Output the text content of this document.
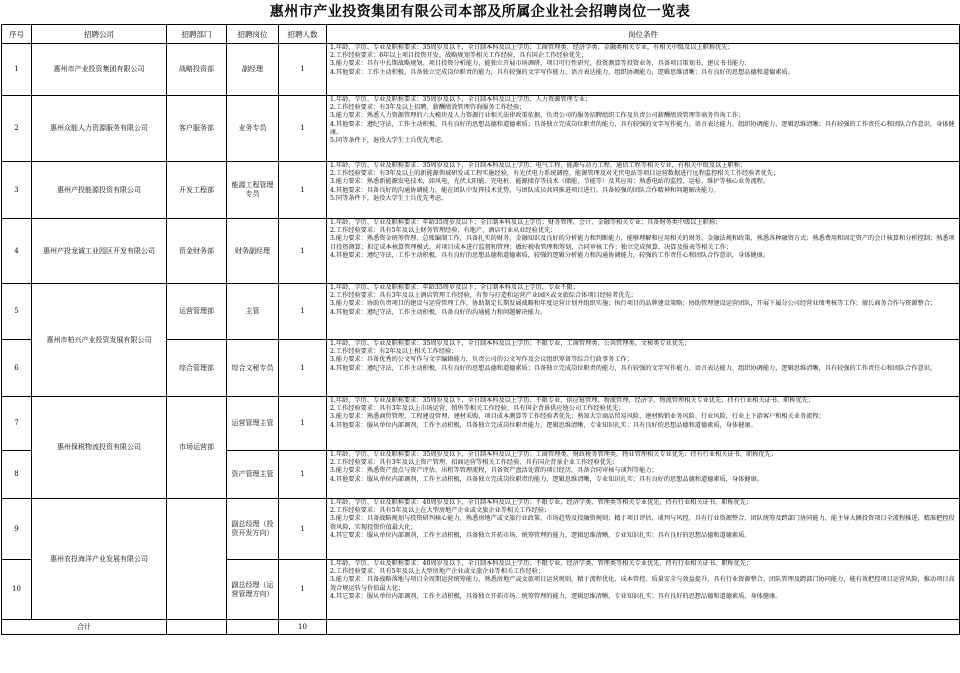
惠州市产业投资集团有限公司本部及所属企业社会招聘岗位一览表
序号	招聘公司	招聘部门	招聘岗位	招聘人数	岗位条件
1	惠州市产业投资集团有限公司	战略投资部	副经理	1	1.年龄、学历、专业及职称要求：35周岁及以下，全日制本科及以上学历；工商管理类、经济学类、金融类相关专业，有相关中级及以上职称优先；
2.工作经验要求：6年以上项目投资开发、战略规划等相关工作经验，具有国企工作经验优先；
3.能力要求：具有中长期战略规划、项目投资分析能力，能独立开展市场调研、项目可行性研究、投资测算等投资业务，具备项目策划书、建议书书能力；
4.其他要求：工作主动积极，具备独立完成岗位职责的能力，具有较强的文字写作能力、语言表达能力、组织协调能力，逻辑思维清晰；具有良好的思想品德和道德素质。

2	惠州众能人力资源服务有限公司	客户服务部	业务专员	1	1.年龄、学历、专业及职称要求：35周岁及以下，全日制本科及以上学历；人力资源管理专业；
2.工作经验要求：有3年及以上招聘、薪酬绩效管理咨询服务工作经验；
3.能力要求：熟悉人力资源管理的六大模块及人力资源行业相关法律政策依据，负责公司的服务招聘组织工作及负责公司薪酬绩效管理等商务咨询工作；
4.其他要求：遵纪守法，工作主动积极，具有良好的思想品德和道德素质；具备独立完成岗位职责的能力，具有较强的文字写作能力、语言表达能力、组织协调能力，逻辑思维清晰；具有较强的工作责任心和团队合作意识，身体健康。
5.同等条件下，退役大学生士兵优先考虑。

3	惠州产投能源投资有限公司	开发工程部	能源工程管理专员	1	1.年龄、学历、专业及职称要求：35周岁及以下，全日制本科及以上学历；电气工程、能源与动力工程、通信工程等相关专业，有相关中级及以上职称；
2.工作经验要求：有3年及以上的新能源领域研发或工程实施经验，有光伏电力系统调控、能源管理及对光伏电站等项目运营数据进行远程监控相关工作经验者优先；
3.能力要求：熟悉新能源发电技术，如风电、光伏太阳能、充电桩、能源储存等技术（储能、节能等）及其应用；熟悉电站的监控、运检、维护等核心业务流程。
4.其他要求：具备良好的沟通协调能力，能在团队中发挥技术优势，与团队成员共同推进项目进行。具备较强的团队合作精神和问题解决能力。
5.同等条件下，退役大学生士兵优先考虑。

4	惠州产投龙诚工业园区开发有限公司	资金财务部	财务副经理	1	1.年龄、学历、专业及职称要求：年龄35周岁及以下；全日制本科及以上学历；财务管理、会计、金融等相关专业；具备财务类中级以上职称；
2.工作经验要求：具有5年及以上财务管理经验，有地产、酒店行业从业经验优先；
3.能力要求：熟悉资金统筹管理、总账编制工作，具备扎实的财务、金融知识及良好的分析能力和判断能力，能够理解和应用相关的财务、金融法规和政策，熟悉各种融资方式；熟悉费用和固定资产的会计核算和分析控制；熟悉项目投资测算；拟定成本核算管理模式，对项目成本进行监督和管理；做好税收管理和筹划，合同审核工作；独立完成预算、决算及报表等相关工作；
4.其他要求：遵纪守法，工作主动积极，具有良好的思想品德和道德素质，较强的逻辑分析能力和沟通协调能力，较强的工作责任心和团队合作意识，身体健康。

5	惠州市柏兴产业投资发展有限公司	运营管理部	主管	1	1.年龄、学历、专业及职称要求：年龄35周岁及以下；全日制本科及以上学历，专业不限；
2.工作经验要求：具有3年及以上酒店管理工作经验，有参与打造和运营产业园区或文旅综合体项目经验者优先；
3.能力要求：协助负责项目的建设与运营管理工作，协助制定长期发展战略和年度运营计划并组织实施；执行项目的品牌建设策略；协助管理建设运营团队，开展下属分公司经营业绩考核等工作；擅长商务合作与资源整合；
4.其他要求：遵纪守法，工作主动积极，具备良好的沟通能力和问题解决能力。

6		综合管理部	综合文秘专员	1	1.年龄、学历、专业及职称要求：35周岁及以下，全日制本科及以上学历；不限专业，工商管理类、公共管理类、文秘类专业优先；
2.工作经验要求：有2年及以上相关工作经验；
3.能力要求：具备优秀的公文写作与文字编辑能力，负责公司的公文写作及会议组织筹备等综合行政事务工作；
4.其他要求：遵纪守法，工作主动积极，具有良好的思想品德和道德素质；具备独立完成岗位职责的能力，具有较强的文字写作能力、语言表达能力、组织协调能力，逻辑思维清晰，具有较强的工作责任心和团队合作意识。

7	惠州保税物流投资有限公司	市场运营部	运营管理主管	1	1.年龄、学历、专业及职称要求：35周岁及以下，全日制本科及以上学历；不限专业，供应链管理、物流管理、经济学、物流管理相关专业优先；持有行业相关证书、职称优先；
2.工作经验要求：具有3年及以上市场运营、销售等相关工作经验，具有国企背景供应链公司工作经验优先；
3.能力要求：熟悉商贸管理、工程建设管理、建材采购、项目成本测算等工作经验者优先；熟知大宗商品贸易风险、建材购销业务风险、行业风险，行业上下游客户和相关业务流程；
4.其他要求：服从单位内部调剂，工作主动积极，具备独立完成岗位职责能力，逻辑思维清晰，专业知识扎实；具有良好的思想品德和道德素质，身体健康。

8			资产管理主管	1	1.年龄、学历、专业及职称要求：35周岁及以下，全日制本科及以上学历；工商管理类、财政税务管理类、物业管理相关专业优先；持有行业相关证书、职称优先；
2.工作经验要求：具有3年及以上资产管理、招商运营等相关工作经验，具有国企背景企业工作经验优先；
3.能力要求：熟悉资产盘点与资产评估、出租等管理流程，具备资产盘活处置的项目经历，具备合同审核与谈判等能力；
4.其他要求：服从单位内部调剂，工作主动积极，具备独立完成岗位职责的能力，逻辑思维清晰，专业知识扎实；具有良好的思想品德和道德素质，身体健康。

9	惠州农投海洋产业发展有限公司		副总经理（投资开发方向）	1	1.年龄、学历、专业及职称要求：40周岁及以下，全日制本科及以上学历；不限专业，经济学类、管理类等相关专业优先，持有行业相关证书、职称优先；
2.工作经验要求：具有5年及以上在大型房地产企业或文旅企业等相关工作经验；
3.能力要求：具备战略规划与投资研判核心能力，熟悉房地产或文旅行业政策、市场趋势及投融资规则；精于项目评估、谈判与风控，具有行业资源整合、团队统筹及跨部门协同能力，能主导大额投资项目全流程推进，精准把控投资风险，实现投资价值最大化；
4.其它要求：服从单位内部调剂，工作主动积极，具备独立开拓市场、统筹管理的能力，逻辑思维清晰，专业知识扎实；具有良好的思想品德和道德素质。

10			副总经理（运营管理方向）	1	1.年龄、学历、专业及职称要求：40周岁及以下，全日制本科及以上学历；不限专业，经济学类、管理类等相关专业优先，持有行业相关证书、职称优先；
2.工作经验要求：具有5年及以上大型房地产企业或文旅企业等相关工作经验；
3.能力要求：具备战略落地与项目全周期运营统筹能力，熟悉房地产或文旅项目运营规则，精于流程优化、成本管控、质量安全与效益提升，具有行业资源整合、团队管理及跨部门协同能力，能有效把控项目运营风险，推动项目高效合规运转与价值最大化；
4.其它要求：服从单位内部调剂，工作主动积极，具备独立开拓市场、统筹管理的能力，逻辑思维清晰，专业知识扎实；具有良好的思想品德和道德素质，身体健康。

合计				10	
